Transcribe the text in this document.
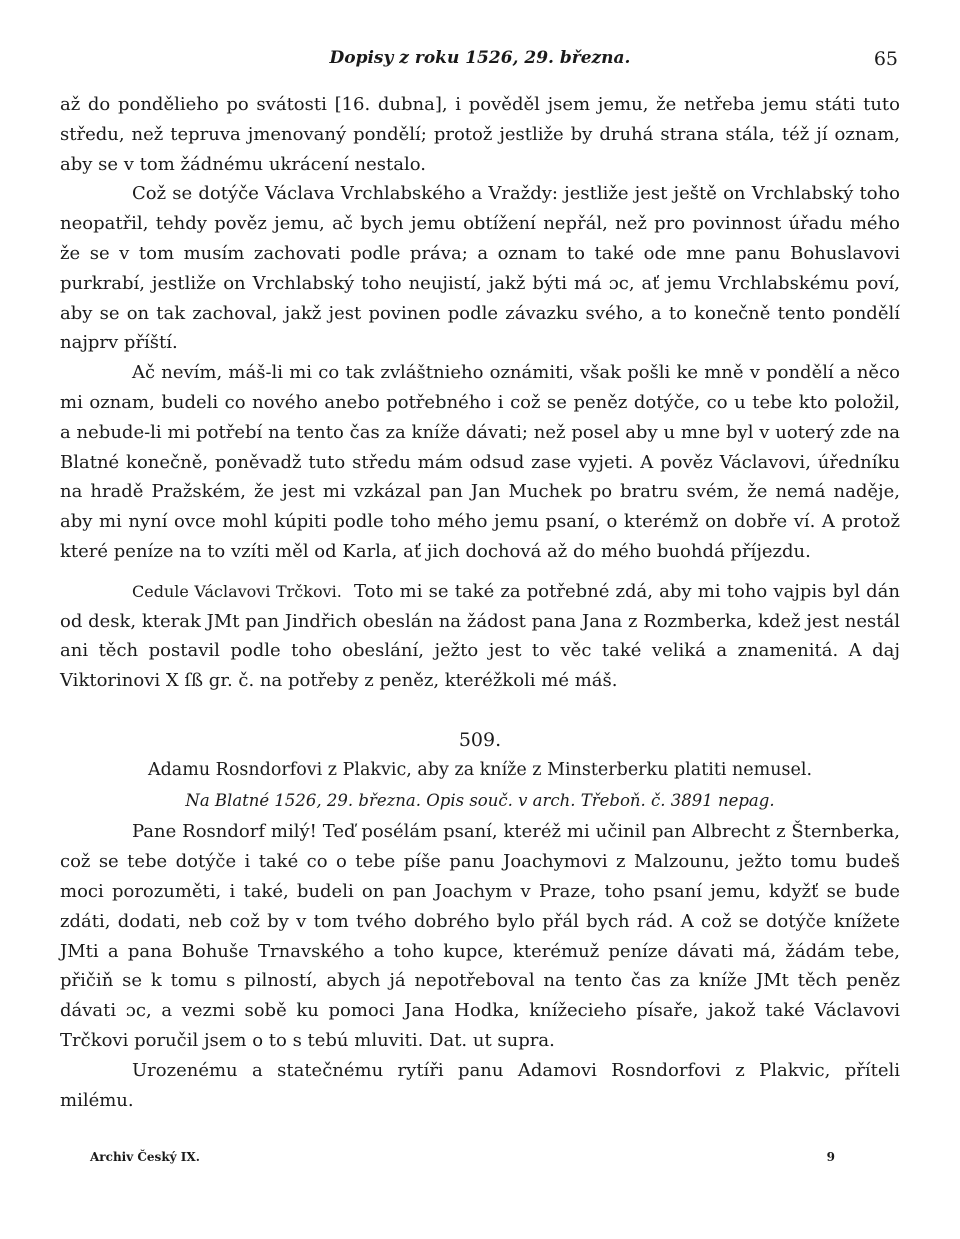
Dopisy z roku 1526, 29. března.	65

až do pondělieho po svátosti [16. dubna], i pověděl jsem jemu, že netřeba jemu státi tuto středu, než tepruva jmenovaný pondělí; protož jestliže by druhá strana stála, též jí oznam, aby se v tom žádnému ukrácení nestalo.

Což se dotýče Václava Vrchlabského a Vraždy: jestliže jest ještě on Vrchlabský toho neopatřil, tehdy pověz jemu, ač bych jemu obtížení nepřál, než pro povinnost úřadu mého že se v tom musím zachovati podle práva; a oznam to také ode mne panu Bohuslavovi purkrabí, jestliže on Vrchlabský toho neujistí, jakž býti má ɔc, ať jemu Vrchlabskému poví, aby se on tak zachoval, jakž jest povinen podle závazku svého, a to konečně tento pondělí najprv příští.

Ač nevím, máš-li mi co tak zvláštnieho oznámiti, však pošli ke mně v pondělí a něco mi oznam, budeli co nového anebo potřebného i což se peněz dotýče, co u tebe kto položil, a nebude-li mi potřebí na tento čas za kníže dávati; než posel aby u mne byl v uoterý zde na Blatné konečně, poněvadž tuto středu mám odsud zase vyjeti. A pověz Václavovi, úředníku na hradě Pražském, že jest mi vzkázal pan Jan Muchek po bratru svém, že nemá naděje, aby mi nyní ovce mohl kúpiti podle toho mého jemu psaní, o kterémž on dobře ví. A protož které peníze na to vzíti měl od Karla, ať jich dochová až do mého buohdá příjezdu.

Cedule Václavovi Trčkovi. Toto mi se také za potřebné zdá, aby mi toho vajpis byl dán od desk, kterak JMt pan Jindřich obeslán na žádost pana Jana z Rozmberka, kdež jest nestál ani těch postavil podle toho obeslání, ježto jest to věc také veliká a znamenitá. A daj Viktorinovi X ſß gr. č. na potřeby z peněz, kteréžkoli mé máš.

509.

Adamu Rosndorfovi z Plakvic, aby za kníže z Minsterberku platiti nemusel.

Na Blatné 1526, 29. března. Opis souč. v arch. Třeboň. č. 3891 nepag.

Pane Rosndorf milý! Teď posélám psaní, kteréž mi učinil pan Albrecht z Šternberka, což se tebe dotýče i také co o tebe píše panu Joachymovi z Malzounu, ježto tomu budeš moci porozuměti, i také, budeli on pan Joachym v Praze, toho psaní jemu, kdyžť se bude zdáti, dodati, neb což by v tom tvého dobrého bylo přál bych rád. A což se dotýče knížete JMti a pana Bohuše Trnavského a toho kupce, kterémuž peníze dávati má, žádám tebe, přičiň se k tomu s pilností, abych já nepotřeboval na tento čas za kníže JMt těch peněz dávati ɔc, a vezmi sobě ku pomoci Jana Hodka, knížecieho písaře, jakož také Václavovi Trčkovi poručil jsem o to s tebú mluviti. Dat. ut supra.

Urozenému a statečnému rytíři panu Adamovi Rosndorfovi z Plakvic, příteli milému.

Archiv Český IX.	9
